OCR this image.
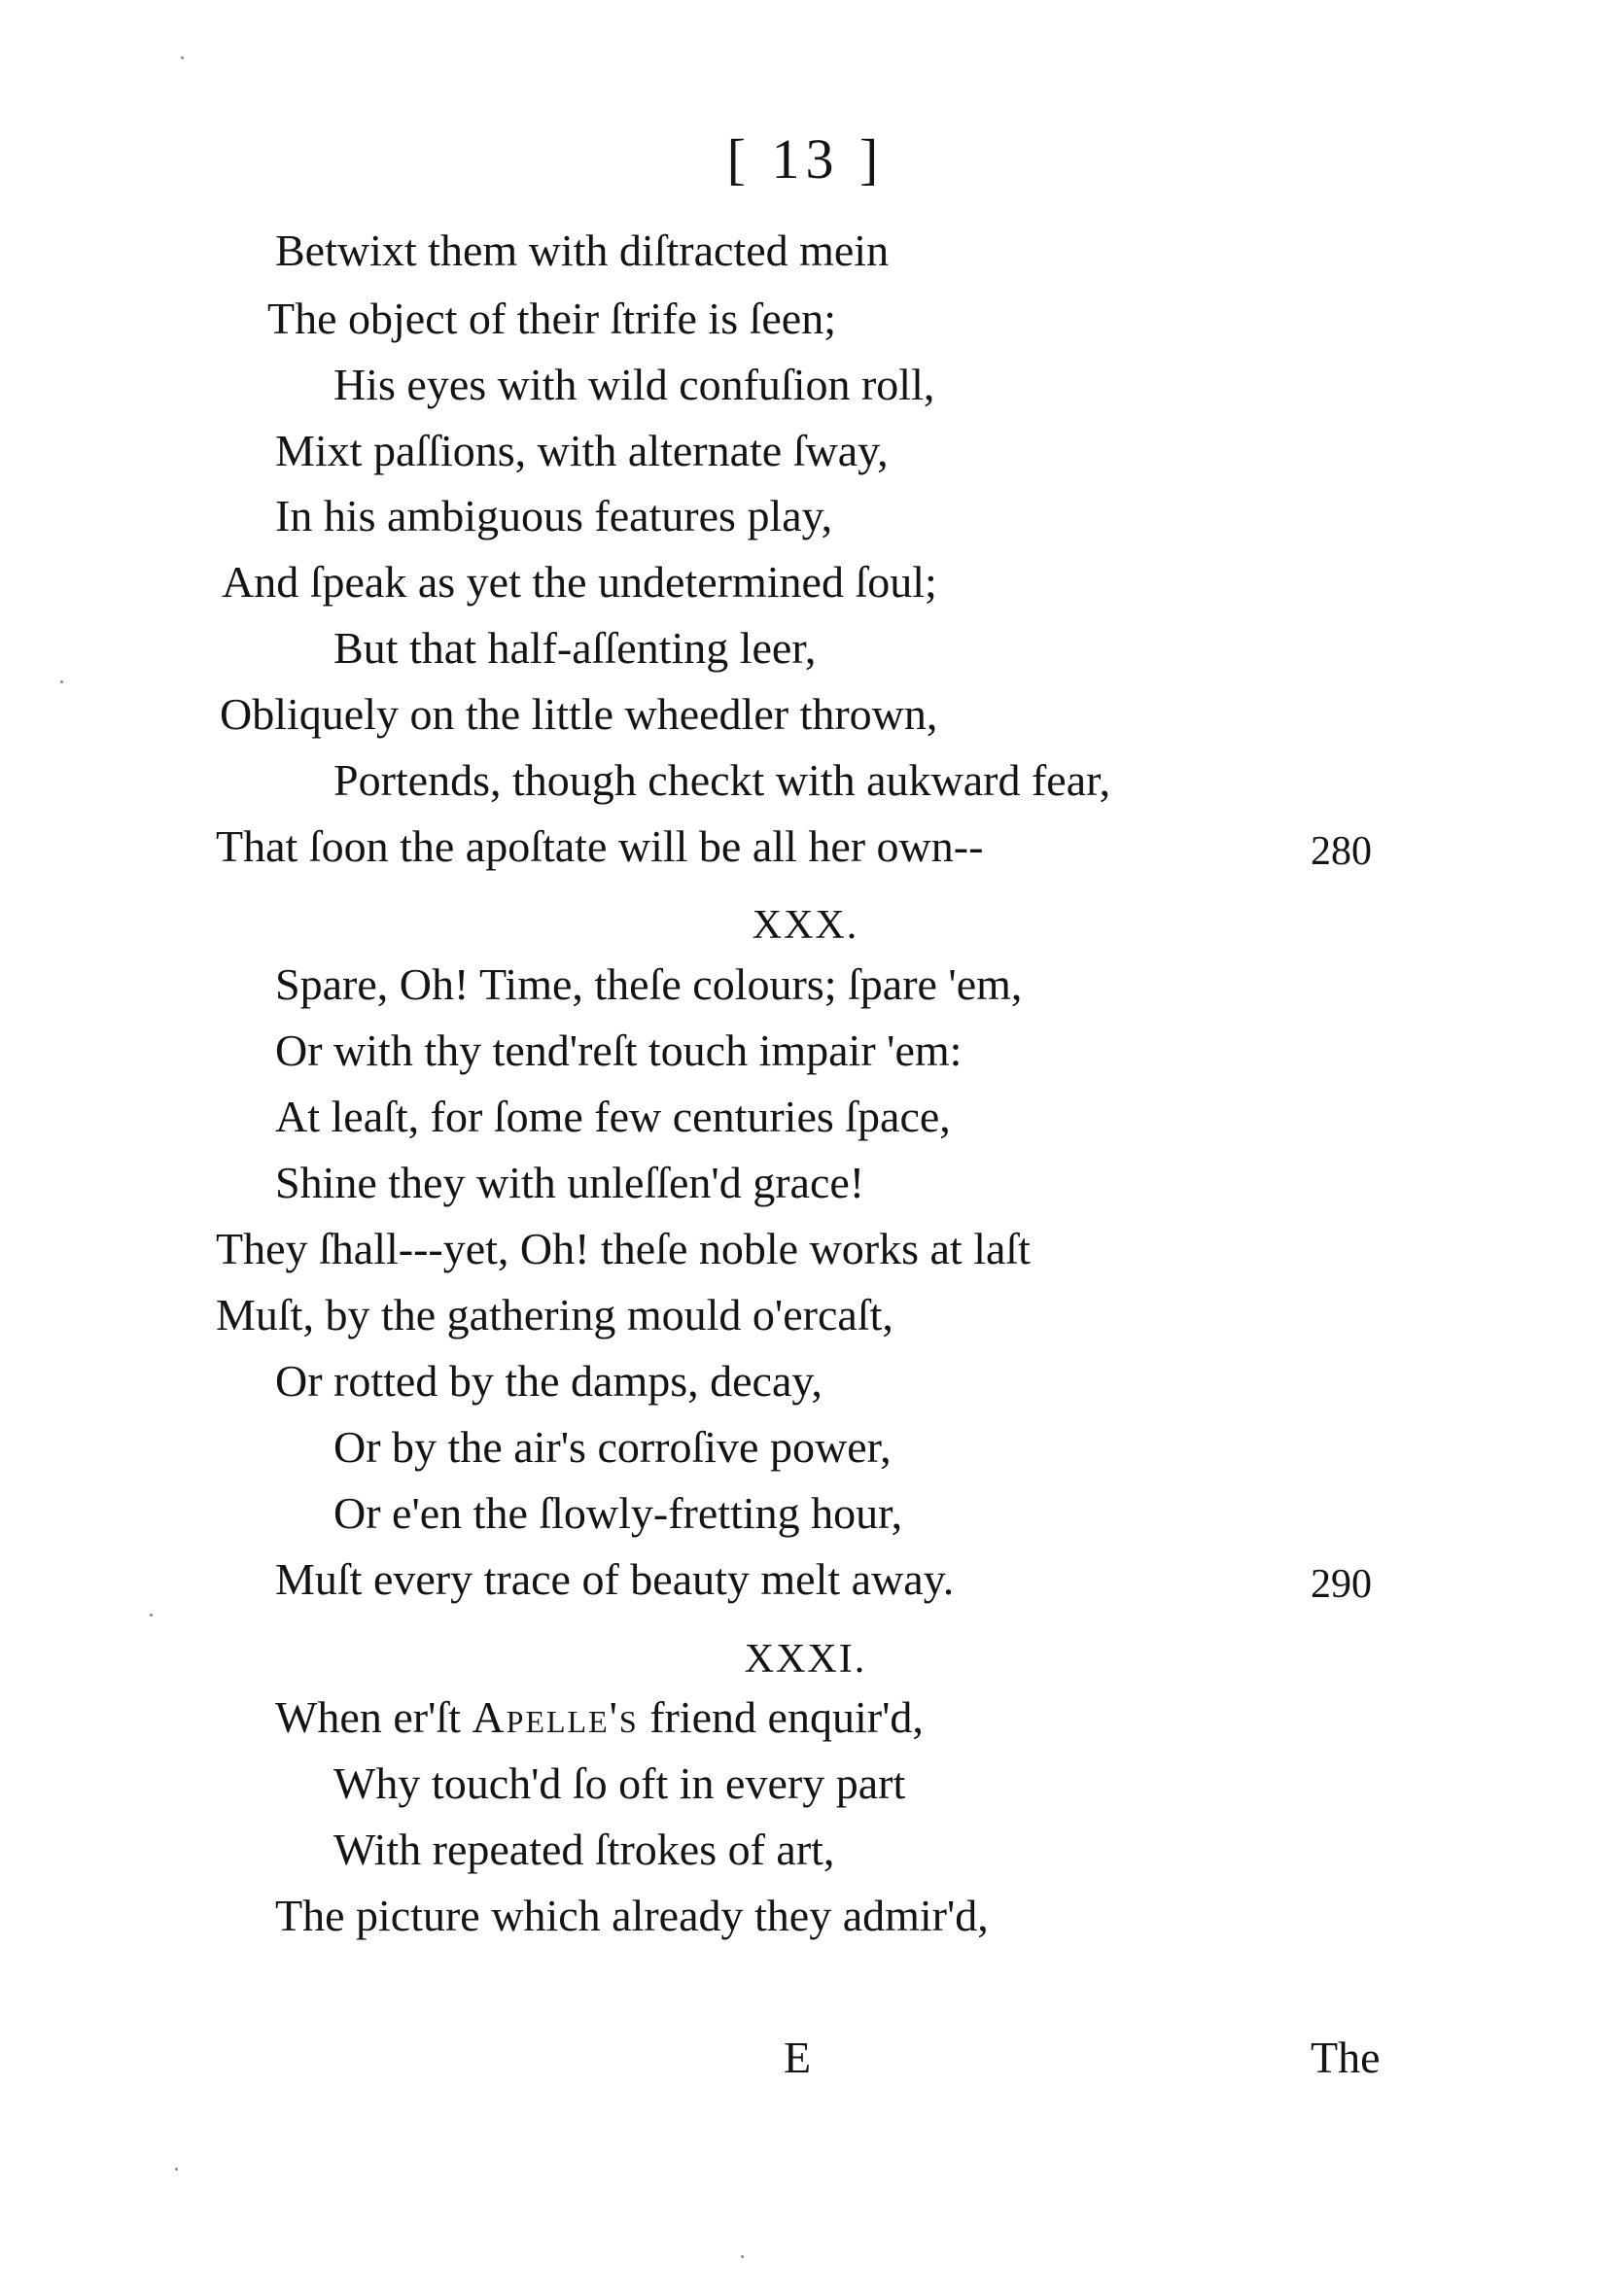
[ 13 ]
Betwixt them with diſtracted mein
The object of their ſtrife is ſeen;
His eyes with wild confuſion roll,
Mixt paſſions, with alternate ſway,
In his ambiguous features play,
And ſpeak as yet the undetermined ſoul;
But that half-aſſenting leer,
Obliquely on the little wheedler thrown,
Portends, though checkt with aukward fear,
That ſoon the apoſtate will be all her own--	280
XXX.
Spare, Oh! Time, theſe colours; ſpare 'em,
Or with thy tend'reſt touch impair 'em:
At leaſt, for ſome few centuries ſpace,
Shine they with unleſſen'd grace!
They ſhall---yet, Oh! theſe noble works at laſt
Muſt, by the gathering mould o'ercaſt,
Or rotted by the damps, decay,
Or by the air's corroſive power,
Or e'en the ſlowly-fretting hour,
Muſt every trace of beauty melt away.	290
XXXI.
When er'ſt Apelle's friend enquir'd,
Why touch'd ſo oft in every part
With repeated ſtrokes of art,
The picture which already they admir'd,
E	The
